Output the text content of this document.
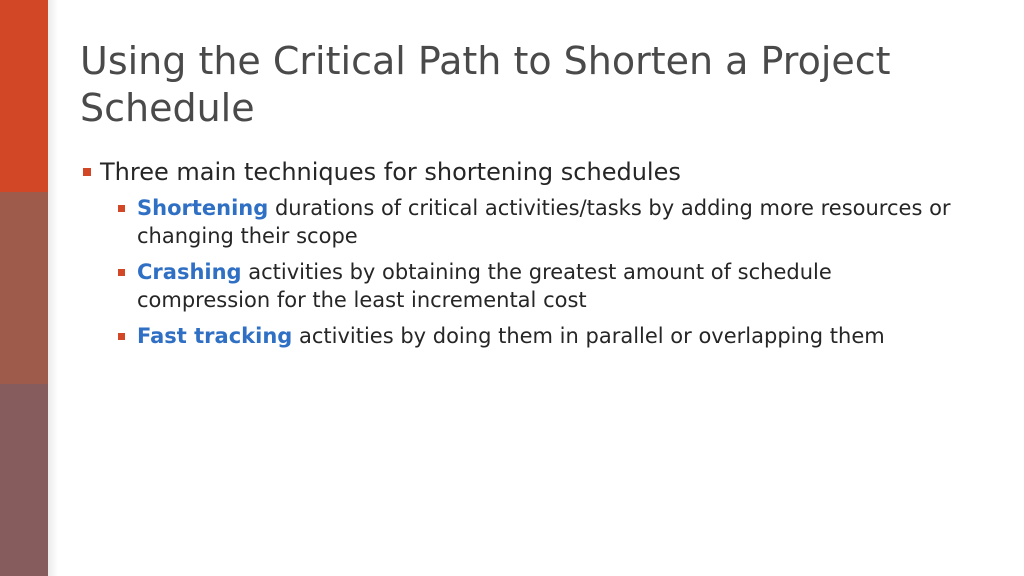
Using the Critical Path to Shorten a Project Schedule
Three main techniques for shortening schedules
Shortening durations of critical activities/tasks by adding more resources or changing their scope
Crashing activities by obtaining the greatest amount of schedule compression for the least incremental cost
Fast tracking activities by doing them in parallel or overlapping them
